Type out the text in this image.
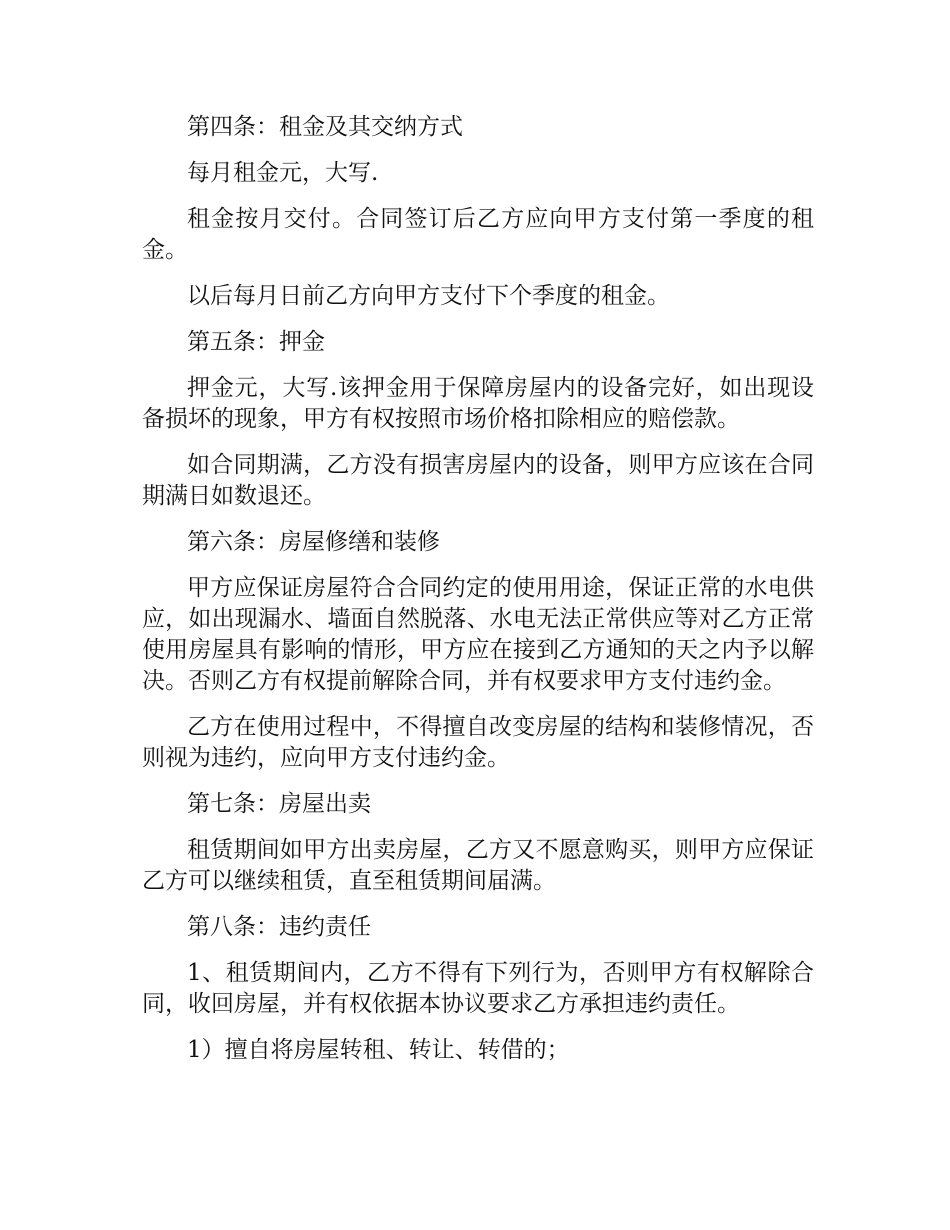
第四条：租金及其交纳方式

每月租金元，大写.

租金按月交付。合同签订后乙方应向甲方支付第一季度的租金。

以后每月日前乙方向甲方支付下个季度的租金。

第五条：押金

押金元，大写.该押金用于保障房屋内的设备完好，如出现设备损坏的现象，甲方有权按照市场价格扣除相应的赔偿款。

如合同期满，乙方没有损害房屋内的设备，则甲方应该在合同期满日如数退还。

第六条：房屋修缮和装修

甲方应保证房屋符合合同约定的使用用途，保证正常的水电供应，如出现漏水、墙面自然脱落、水电无法正常供应等对乙方正常使用房屋具有影响的情形，甲方应在接到乙方通知的天之内予以解决。否则乙方有权提前解除合同，并有权要求甲方支付违约金。

乙方在使用过程中，不得擅自改变房屋的结构和装修情况，否则视为违约，应向甲方支付违约金。

第七条：房屋出卖

租赁期间如甲方出卖房屋，乙方又不愿意购买，则甲方应保证乙方可以继续租赁，直至租赁期间届满。

第八条：违约责任

1、租赁期间内，乙方不得有下列行为，否则甲方有权解除合同，收回房屋，并有权依据本协议要求乙方承担违约责任。

1）擅自将房屋转租、转让、转借的；
